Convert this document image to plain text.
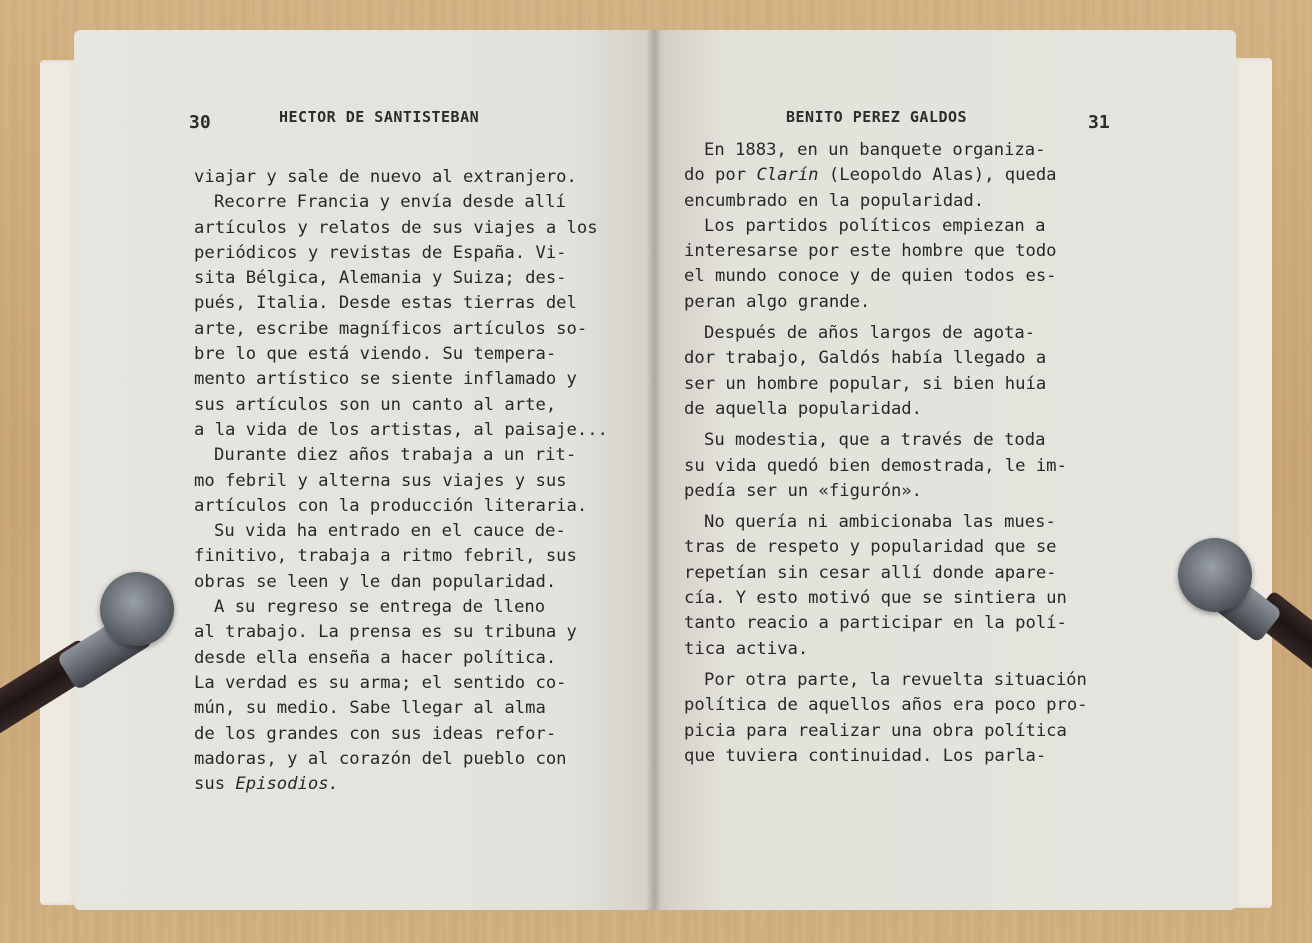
30	HECTOR DE SANTISTEBAN
viajar y sale de nuevo al extranjero.
Recorre Francia y envía desde allí
artículos y relatos de sus viajes a los
periódicos y revistas de España. Vi-
sita Bélgica, Alemania y Suiza; des-
pués, Italia. Desde estas tierras del
arte, escribe magníficos artículos so-
bre lo que está viendo. Su tempera-
mento artístico se siente inflamado y
sus artículos son un canto al arte,
a la vida de los artistas, al paisaje...
Durante diez años trabaja a un rit-
mo febril y alterna sus viajes y sus
artículos con la producción literaria.
Su vida ha entrado en el cauce de-
finitivo, trabaja a ritmo febril, sus
obras se leen y le dan popularidad.
A su regreso se entrega de lleno
al trabajo. La prensa es su tribuna y
desde ella enseña a hacer política.
La verdad es su arma; el sentido co-
mún, su medio. Sabe llegar al alma
de los grandes con sus ideas refor-
madoras, y al corazón del pueblo con
sus Episodios.
BENITO PEREZ GALDOS	31
En 1883, en un banquete organiza-
do por Clarín (Leopoldo Alas), queda
encumbrado en la popularidad.
Los partidos políticos empiezan a
interesarse por este hombre que todo
el mundo conoce y de quien todos es-
peran algo grande.
Después de años largos de agota-
dor trabajo, Galdós había llegado a
ser un hombre popular, si bien huía
de aquella popularidad.
Su modestia, que a través de toda
su vida quedó bien demostrada, le im-
pedía ser un «figurón».
No quería ni ambicionaba las mues-
tras de respeto y popularidad que se
repetían sin cesar allí donde apare-
cía. Y esto motivó que se sintiera un
tanto reacio a participar en la polí-
tica activa.
Por otra parte, la revuelta situación
política de aquellos años era poco pro-
picia para realizar una obra política
que tuviera continuidad. Los parla-
